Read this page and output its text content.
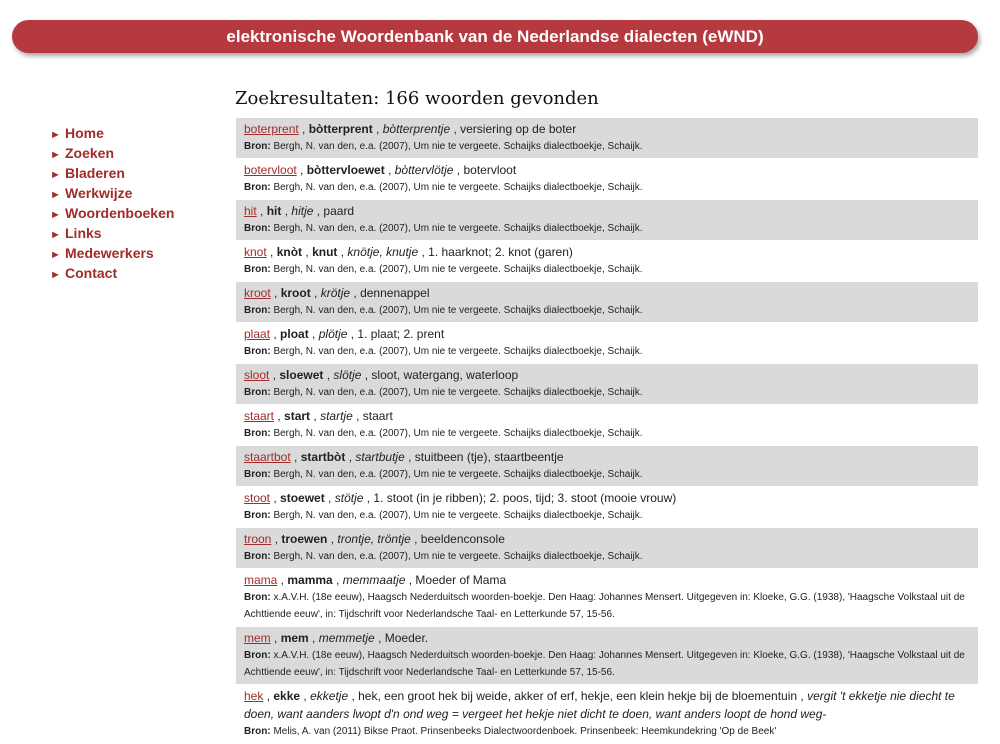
elektronische Woordenbank van de Nederlandse dialecten (eWND)
► Home
► Zoeken
► Bladeren
► Werkwijze
► Woordenboeken
► Links
► Medewerkers
► Contact
Zoekresultaten: 166 woorden gevonden
boterprent , bòtterprent , bòtterprentje , versiering op de boter
Bron: Bergh, N. van den, e.a. (2007), Um nie te vergeete. Schaijks dialectboekje, Schaijk.
botervloot , bòttervloewet , bòttervlötje , botervloot
Bron: Bergh, N. van den, e.a. (2007), Um nie te vergeete. Schaijks dialectboekje, Schaijk.
hit , hit , hitje , paard
Bron: Bergh, N. van den, e.a. (2007), Um nie te vergeete. Schaijks dialectboekje, Schaijk.
knot , knòt , knut , knötje, knutje , 1. haarknot; 2. knot (garen)
Bron: Bergh, N. van den, e.a. (2007), Um nie te vergeete. Schaijks dialectboekje, Schaijk.
kroot , kroot , krötje , dennenappel
Bron: Bergh, N. van den, e.a. (2007), Um nie te vergeete. Schaijks dialectboekje, Schaijk.
plaat , ploat , plötje , 1. plaat; 2. prent
Bron: Bergh, N. van den, e.a. (2007), Um nie te vergeete. Schaijks dialectboekje, Schaijk.
sloot , sloewet , slötje , sloot, watergang, waterloop
Bron: Bergh, N. van den, e.a. (2007), Um nie te vergeete. Schaijks dialectboekje, Schaijk.
staart , start , startje , staart
Bron: Bergh, N. van den, e.a. (2007), Um nie te vergeete. Schaijks dialectboekje, Schaijk.
staartbot , startbòt , startbutje , stuitbeen (tje), staartbeentje
Bron: Bergh, N. van den, e.a. (2007), Um nie te vergeete. Schaijks dialectboekje, Schaijk.
stoot , stoewet , stötje , 1. stoot (in je ribben); 2. poos, tijd; 3. stoot (mooie vrouw)
Bron: Bergh, N. van den, e.a. (2007), Um nie te vergeete. Schaijks dialectboekje, Schaijk.
troon , troewen , trontje, tröntje , beeldenconsole
Bron: Bergh, N. van den, e.a. (2007), Um nie te vergeete. Schaijks dialectboekje, Schaijk.
mama , mamma , memmaatje , Moeder of Mama
Bron: x.A.V.H. (18e eeuw), Haagsch Nederduitsch woorden-boekje. Den Haag: Johannes Mensert. Uitgegeven in: Kloeke, G.G. (1938), 'Haagsche Volkstaal uit de Achttiende eeuw', in: Tijdschrift voor Nederlandsche Taal- en Letterkunde 57, 15-56.
mem , mem , memmetje , Moeder.
Bron: x.A.V.H. (18e eeuw), Haagsch Nederduitsch woorden-boekje. Den Haag: Johannes Mensert. Uitgegeven in: Kloeke, G.G. (1938), 'Haagsche Volkstaal uit de Achttiende eeuw', in: Tijdschrift voor Nederlandsche Taal- en Letterkunde 57, 15-56.
hek , ekke , ekketje , hek, een groot hek bij weide, akker of erf, hekje, een klein hekje bij de bloementuin , vergit 't ekketje nie diecht te doen, want aanders lwopt d'n ond weg = vergeet het hekje niet dicht te doen, want anders loopt de hond weg-
Bron: Melis, A. van (2011) Bikse Praot. Prinsenbeeks Dialectwoordenboek. Prinsenbeek: Heemkundekring 'Op de Beek'
